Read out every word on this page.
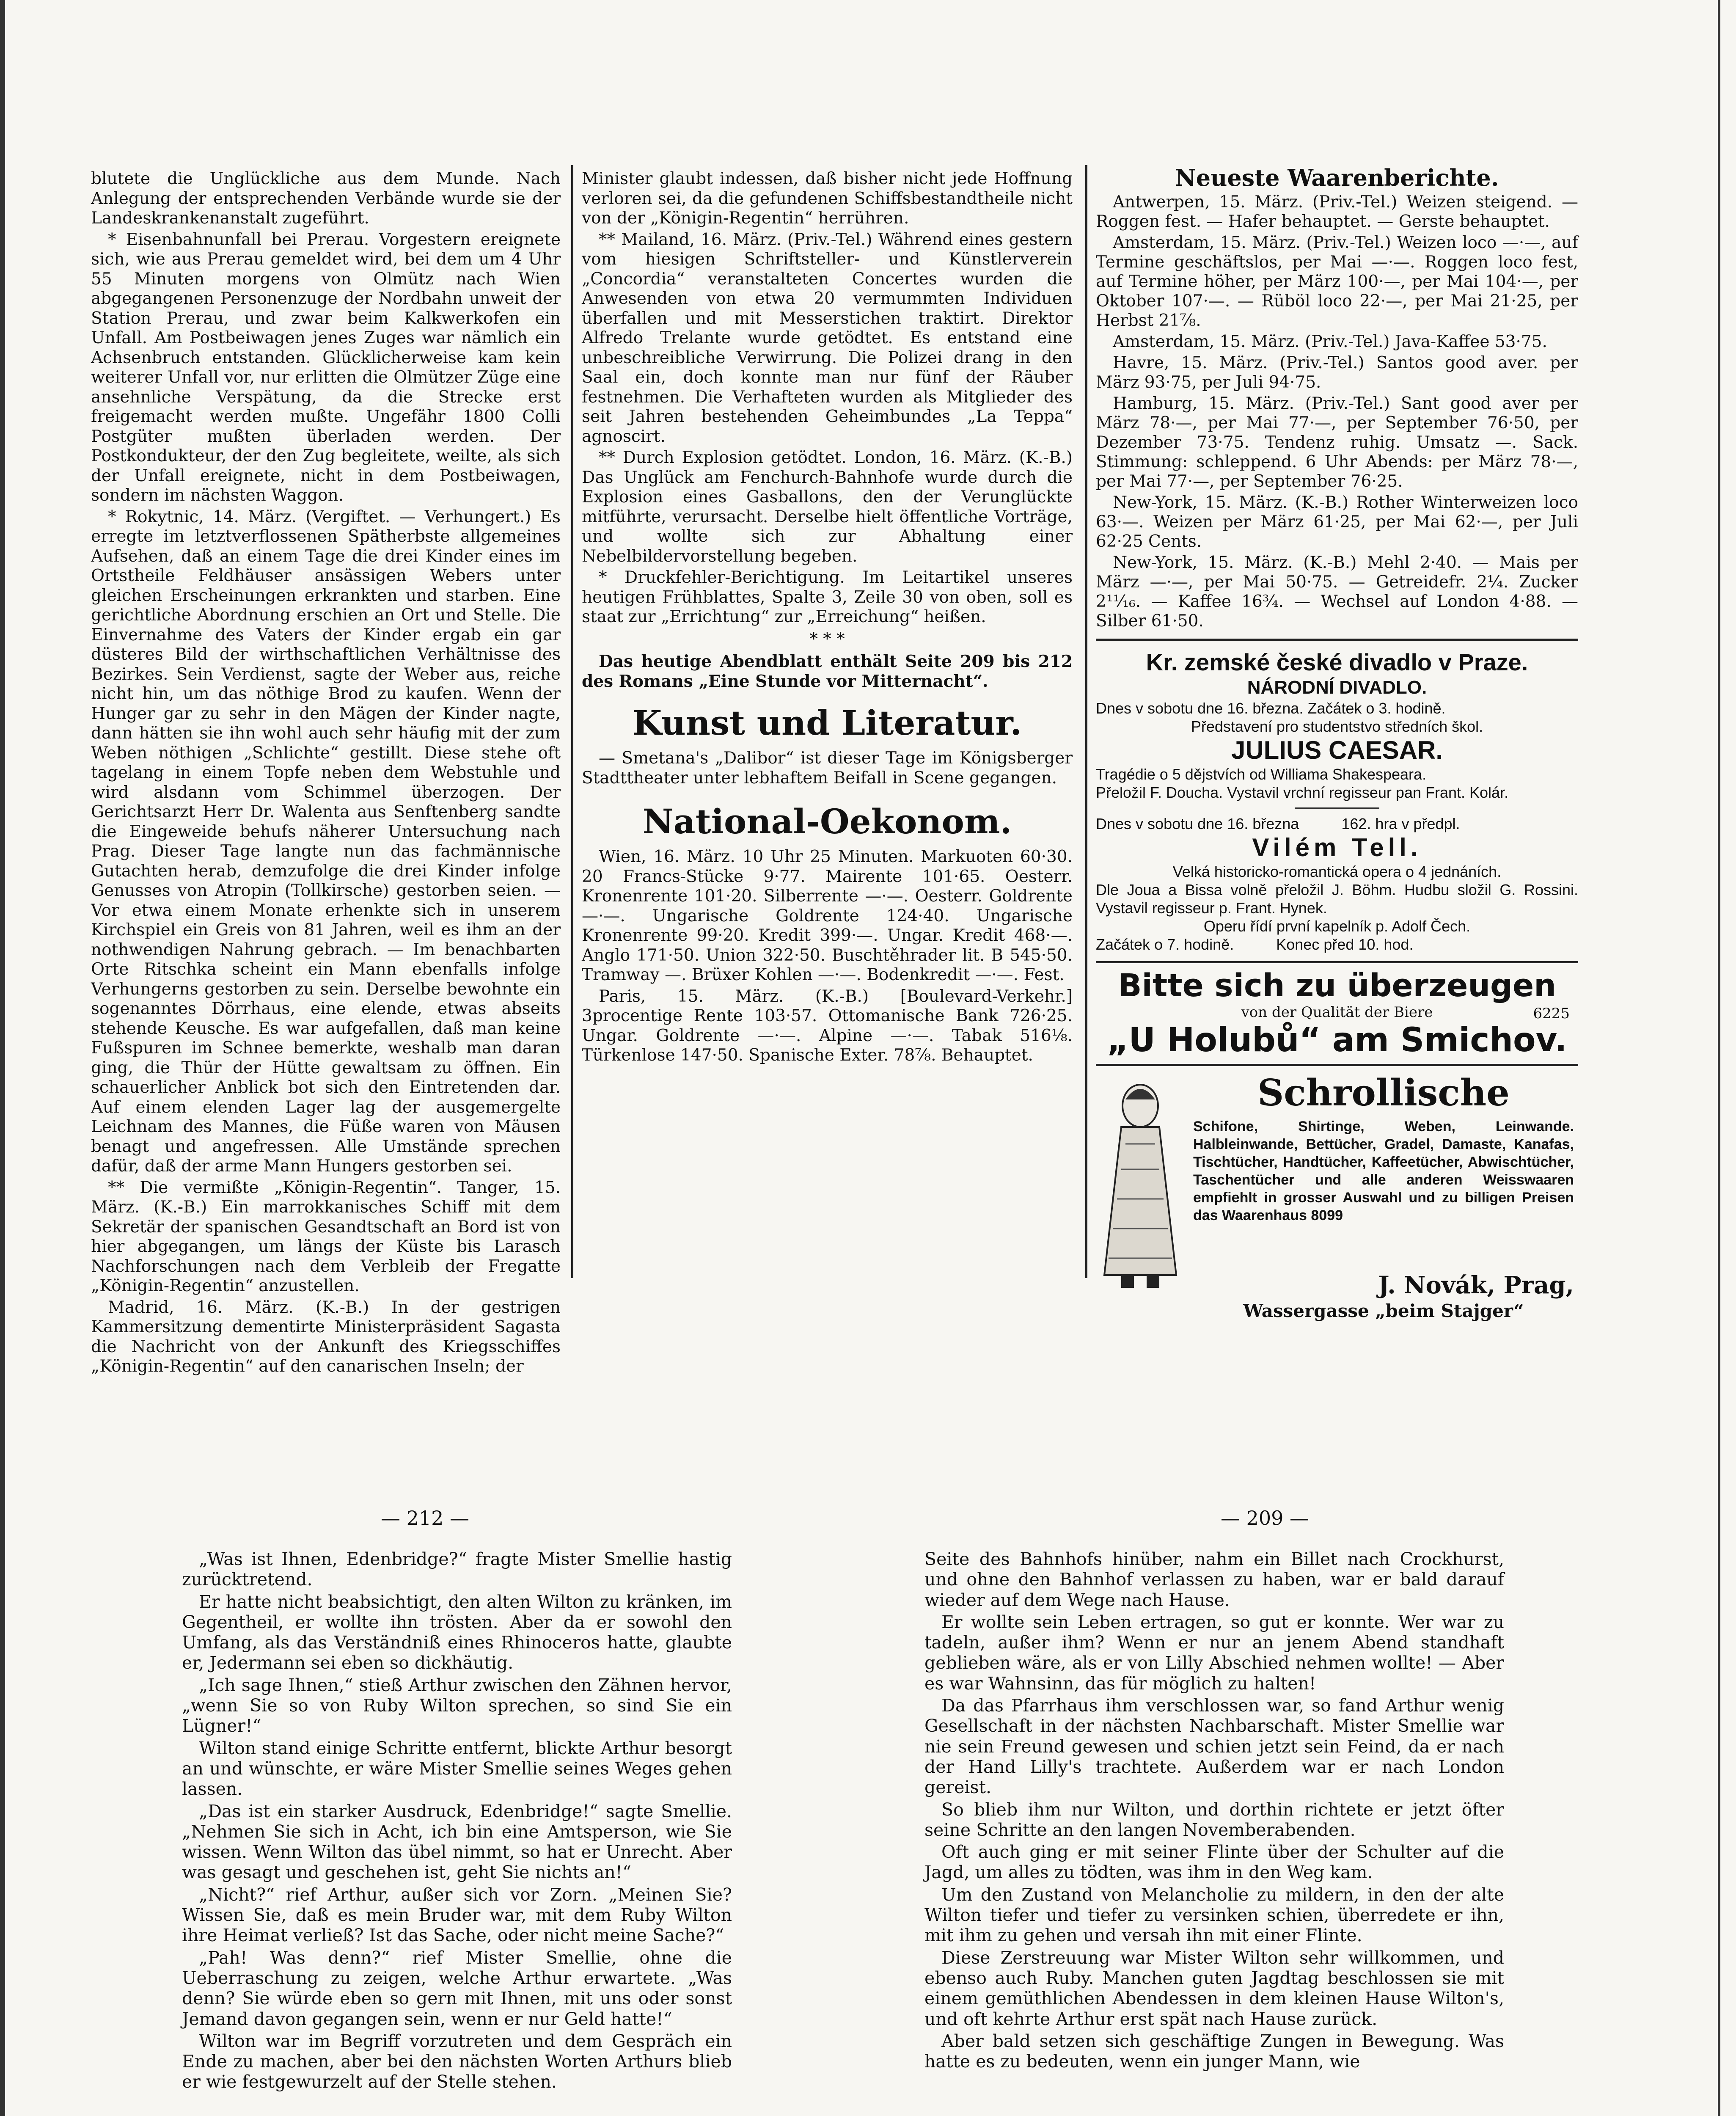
blutete die Unglückliche aus dem Munde. Nach Anlegung der entsprechenden Verbände wurde sie der Landeskrankenanstalt zugeführt.

* Eisenbahnunfall bei Prerau. Vorgestern ereignete sich, wie aus Prerau gemeldet wird, bei dem um 4 Uhr 55 Minuten morgens von Olmütz nach Wien abgegangenen Personenzuge der Nordbahn unweit der Station Prerau, und zwar beim Kalkwerkofen ein Unfall. Am Postbeiwagen jenes Zuges war nämlich ein Achsenbruch entstanden. Glücklicherweise kam kein weiterer Unfall vor, nur erlitten die Olmützer Züge eine ansehnliche Verspätung, da die Strecke erst freigemacht werden mußte. Ungefähr 1800 Colli Postgüter mußten überladen werden. Der Postkondukteur, der den Zug begleitete, weilte, als sich der Unfall ereignete, nicht in dem Postbeiwagen, sondern im nächsten Waggon.

* Rokytnic, 14. März. (Vergiftet. — Verhungert.) Es erregte im letztverflossenen Spätherbste allgemeines Aufsehen, daß an einem Tage die drei Kinder eines im Ortstheile Feldhäuser ansässigen Webers unter gleichen Erscheinungen erkrankten und starben. Eine gerichtliche Abordnung erschien an Ort und Stelle. Die Einvernahme des Vaters der Kinder ergab ein gar düsteres Bild der wirthschaftlichen Verhältnisse des Bezirkes. Sein Verdienst, sagte der Weber aus, reiche nicht hin, um das nöthige Brod zu kaufen. Wenn der Hunger gar zu sehr in den Mägen der Kinder nagte, dann hätten sie ihn wohl auch sehr häufig mit der zum Weben nöthigen „Schlichte“ gestillt. Diese stehe oft tagelang in einem Topfe neben dem Webstuhle und wird alsdann vom Schimmel überzogen. Der Gerichtsarzt Herr Dr. Walenta aus Senftenberg sandte die Eingeweide behufs näherer Untersuchung nach Prag. Dieser Tage langte nun das fachmännische Gutachten herab, demzufolge die drei Kinder infolge Genusses von Atropin (Tollkirsche) gestorben seien. — Vor etwa einem Monate erhenkte sich in unserem Kirchspiel ein Greis von 81 Jahren, weil es ihm an der nothwendigen Nahrung gebrach. — Im benachbarten Orte Ritschka scheint ein Mann ebenfalls infolge Verhungerns gestorben zu sein. Derselbe bewohnte ein sogenanntes Dörrhaus, eine elende, etwas abseits stehende Keusche. Es war aufgefallen, daß man keine Fußspuren im Schnee bemerkte, weshalb man daran ging, die Thür der Hütte gewaltsam zu öffnen. Ein schauerlicher Anblick bot sich den Eintretenden dar. Auf einem elenden Lager lag der ausgemergelte Leichnam des Mannes, die Füße waren von Mäusen benagt und angefressen. Alle Umstände sprechen dafür, daß der arme Mann Hungers gestorben sei.

** Die vermißte „Königin-Regentin“. Tanger, 15. März. (K.-B.) Ein marrokkanisches Schiff mit dem Sekretär der spanischen Gesandtschaft an Bord ist von hier abgegangen, um längs der Küste bis Larasch Nachforschungen nach dem Verbleib der Fregatte „Königin-Regentin“ anzustellen.

Madrid, 16. März. (K.-B.) In der gestrigen Kammersitzung dementirte Ministerpräsident Sagasta die Nachricht von der Ankunft des Kriegsschiffes „Königin-Regentin“ auf den canarischen Inseln; der

Minister glaubt indessen, daß bisher nicht jede Hoffnung verloren sei, da die gefundenen Schiffsbestandtheile nicht von der „Königin-Regentin“ herrühren.

** Mailand, 16. März. (Priv.-Tel.) Während eines gestern vom hiesigen Schriftsteller- und Künstlerverein „Concordia“ veranstalteten Concertes wurden die Anwesenden von etwa 20 vermummten Individuen überfallen und mit Messerstichen traktirt. Direktor Alfredo Trelante wurde getödtet. Es entstand eine unbeschreibliche Verwirrung. Die Polizei drang in den Saal ein, doch konnte man nur fünf der Räuber festnehmen. Die Verhafteten wurden als Mitglieder des seit Jahren bestehenden Geheimbundes „La Teppa“ agnoscirt.

** Durch Explosion getödtet. London, 16. März. (K.-B.) Das Unglück am Fenchurch-Bahnhofe wurde durch die Explosion eines Gasballons, den der Verunglückte mitführte, verursacht. Derselbe hielt öffentliche Vorträge, und wollte sich zur Abhaltung einer Nebelbildervorstellung begeben.

* Druckfehler-Berichtigung. Im Leitartikel unseres heutigen Frühblattes, Spalte 3, Zeile 30 von oben, soll es staat zur „Errichtung“ zur „Erreichung“ heißen.

* * *

Das heutige Abendblatt enthält Seite 209 bis 212 des Romans „Eine Stunde vor Mitternacht“.

Kunst und Literatur.

— Smetana's „Dalibor“ ist dieser Tage im Königsberger Stadttheater unter lebhaftem Beifall in Scene gegangen.

National-Oekonom.

Wien, 16. März. 10 Uhr 25 Minuten. Markuoten 60·30. 20 Francs-Stücke 9·77. Mairente 101·65. Oesterr. Kronenrente 101·20. Silberrente —·—. Oesterr. Goldrente —·—. Ungarische Goldrente 124·40. Ungarische Kronenrente 99·20. Kredit 399·—. Ungar. Kredit 468·—. Anglo 171·50. Union 322·50. Buschtěhrader lit. B 545·50. Tramway —. Brüxer Kohlen —·—. Bodenkredit —·—. Fest.

Paris, 15. März. (K.-B.) [Boulevard-Verkehr.] 3procentige Rente 103·57. Ottomanische Bank 726·25. Ungar. Goldrente —·—. Alpine —·—. Tabak 516⅛. Türkenlose 147·50. Spanische Exter. 78⅞. Behauptet.

Neueste Waarenberichte.

Antwerpen, 15. März. (Priv.-Tel.) Weizen steigend. — Roggen fest. — Hafer behauptet. — Gerste behauptet.

Amsterdam, 15. März. (Priv.-Tel.) Weizen loco —·—, auf Termine geschäftslos, per Mai —·—. Roggen loco fest, auf Termine höher, per März 100·—, per Mai 104·—, per Oktober 107·—. — Rüböl loco 22·—, per Mai 21·25, per Herbst 21⅞.

Amsterdam, 15. März. (Priv.-Tel.) Java-Kaffee 53·75.

Havre, 15. März. (Priv.-Tel.) Santos good aver. per März 93·75, per Juli 94·75.

Hamburg, 15. März. (Priv.-Tel.) Sant good aver per März 78·—, per Mai 77·—, per September 76·50, per Dezember 73·75. Tendenz ruhig. Umsatz —. Sack. Stimmung: schleppend. 6 Uhr Abends: per März 78·—, per Mai 77·—, per September 76·25.

New-York, 15. März. (K.-B.) Rother Winterweizen loco 63·—. Weizen per März 61·25, per Mai 62·—, per Juli 62·25 Cents.

New-York, 15. März. (K.-B.) Mehl 2·40. — Mais per März —·—, per Mai 50·75. — Getreidefr. 2¼. Zucker 2¹¹⁄₁₆. — Kaffee 16³⁄₄. — Wechsel auf London 4·88. — Silber 61·50.

Kr. zemské české divadlo v Praze.
NÁRODNÍ DIVADLO.

Dnes v sobotu dne 16. března. Začátek o 3. hodině.

Představení pro studentstvo středních škol.

JULIUS CAESAR.

Tragédie o 5 dějstvích od Williama Shakespeara.

Přeložil F. Doucha. Vystavil vrchní regisseur pan Frant. Kolár.

Dnes v sobotu dne 16. března          162. hra v předpl.

Vilém Tell.

Velká historicko-romantická opera o 4 jednáních.

Dle Joua a Bissa volně přeložil J. Böhm. Hudbu složil G. Rossini. Vystavil regisseur p. Frant. Hynek.

Operu řídí první kapelník p. Adolf Čech.

Začátek o 7. hodině.          Konec před 10. hod.

Bitte sich zu überzeugen
von der Qualität der Biere	6225
„U Holubů“ am Smichov.
Schrollische
Schifone, Shirtinge, Weben, Leinwande. Halbleinwande, Bettücher, Gradel, Damaste, Kanafas, Tischtücher, Handtücher, Kaffeetücher, Abwischtücher, Taschentücher und alle anderen Weisswaaren empfiehlt in grosser Auswahl und zu billigen Preisen das Waarenhaus 8099
J. Novák, Prag,
Wassergasse „beim Stajger“
— 212 —	— 209 —

„Was ist Ihnen, Edenbridge?“ fragte Mister Smellie hastig zurücktretend.

Er hatte nicht beabsichtigt, den alten Wilton zu kränken, im Gegentheil, er wollte ihn trösten. Aber da er sowohl den Umfang, als das Verständniß eines Rhinoceros hatte, glaubte er, Jedermann sei eben so dickhäutig.

„Ich sage Ihnen,“ stieß Arthur zwischen den Zähnen hervor, „wenn Sie so von Ruby Wilton sprechen, so sind Sie ein Lügner!“

Wilton stand einige Schritte entfernt, blickte Arthur besorgt an und wünschte, er wäre Mister Smellie seines Weges gehen lassen.

„Das ist ein starker Ausdruck, Edenbridge!“ sagte Smellie. „Nehmen Sie sich in Acht, ich bin eine Amtsperson, wie Sie wissen. Wenn Wilton das übel nimmt, so hat er Unrecht. Aber was gesagt und geschehen ist, geht Sie nichts an!“

„Nicht?“ rief Arthur, außer sich vor Zorn. „Meinen Sie? Wissen Sie, daß es mein Bruder war, mit dem Ruby Wilton ihre Heimat verließ? Ist das Sache, oder nicht meine Sache?“

„Pah! Was denn?“ rief Mister Smellie, ohne die Ueberraschung zu zeigen, welche Arthur erwartete. „Was denn? Sie würde eben so gern mit Ihnen, mit uns oder sonst Jemand davon gegangen sein, wenn er nur Geld hatte!“

Wilton war im Begriff vorzutreten und dem Gespräch ein Ende zu machen, aber bei den nächsten Worten Arthurs blieb er wie festgewurzelt auf der Stelle stehen.

Seite des Bahnhofs hinüber, nahm ein Billet nach Crockhurst, und ohne den Bahnhof verlassen zu haben, war er bald darauf wieder auf dem Wege nach Hause.

Er wollte sein Leben ertragen, so gut er konnte. Wer war zu tadeln, außer ihm? Wenn er nur an jenem Abend standhaft geblieben wäre, als er von Lilly Abschied nehmen wollte! — Aber es war Wahnsinn, das für möglich zu halten!

Da das Pfarrhaus ihm verschlossen war, so fand Arthur wenig Gesellschaft in der nächsten Nachbarschaft. Mister Smellie war nie sein Freund gewesen und schien jetzt sein Feind, da er nach der Hand Lilly's trachtete. Außerdem war er nach London gereist.

So blieb ihm nur Wilton, und dorthin richtete er jetzt öfter seine Schritte an den langen Novemberabenden.

Oft auch ging er mit seiner Flinte über der Schulter auf die Jagd, um alles zu tödten, was ihm in den Weg kam.

Um den Zustand von Melancholie zu mildern, in den der alte Wilton tiefer und tiefer zu versinken schien, überredete er ihn, mit ihm zu gehen und versah ihn mit einer Flinte.

Diese Zerstreuung war Mister Wilton sehr willkommen, und ebenso auch Ruby. Manchen guten Jagdtag beschlossen sie mit einem gemüthlichen Abendessen in dem kleinen Hause Wilton's, und oft kehrte Arthur erst spät nach Hause zurück.

Aber bald setzen sich geschäftige Zungen in Bewegung. Was hatte es zu bedeuten, wenn ein junger Mann, wie
